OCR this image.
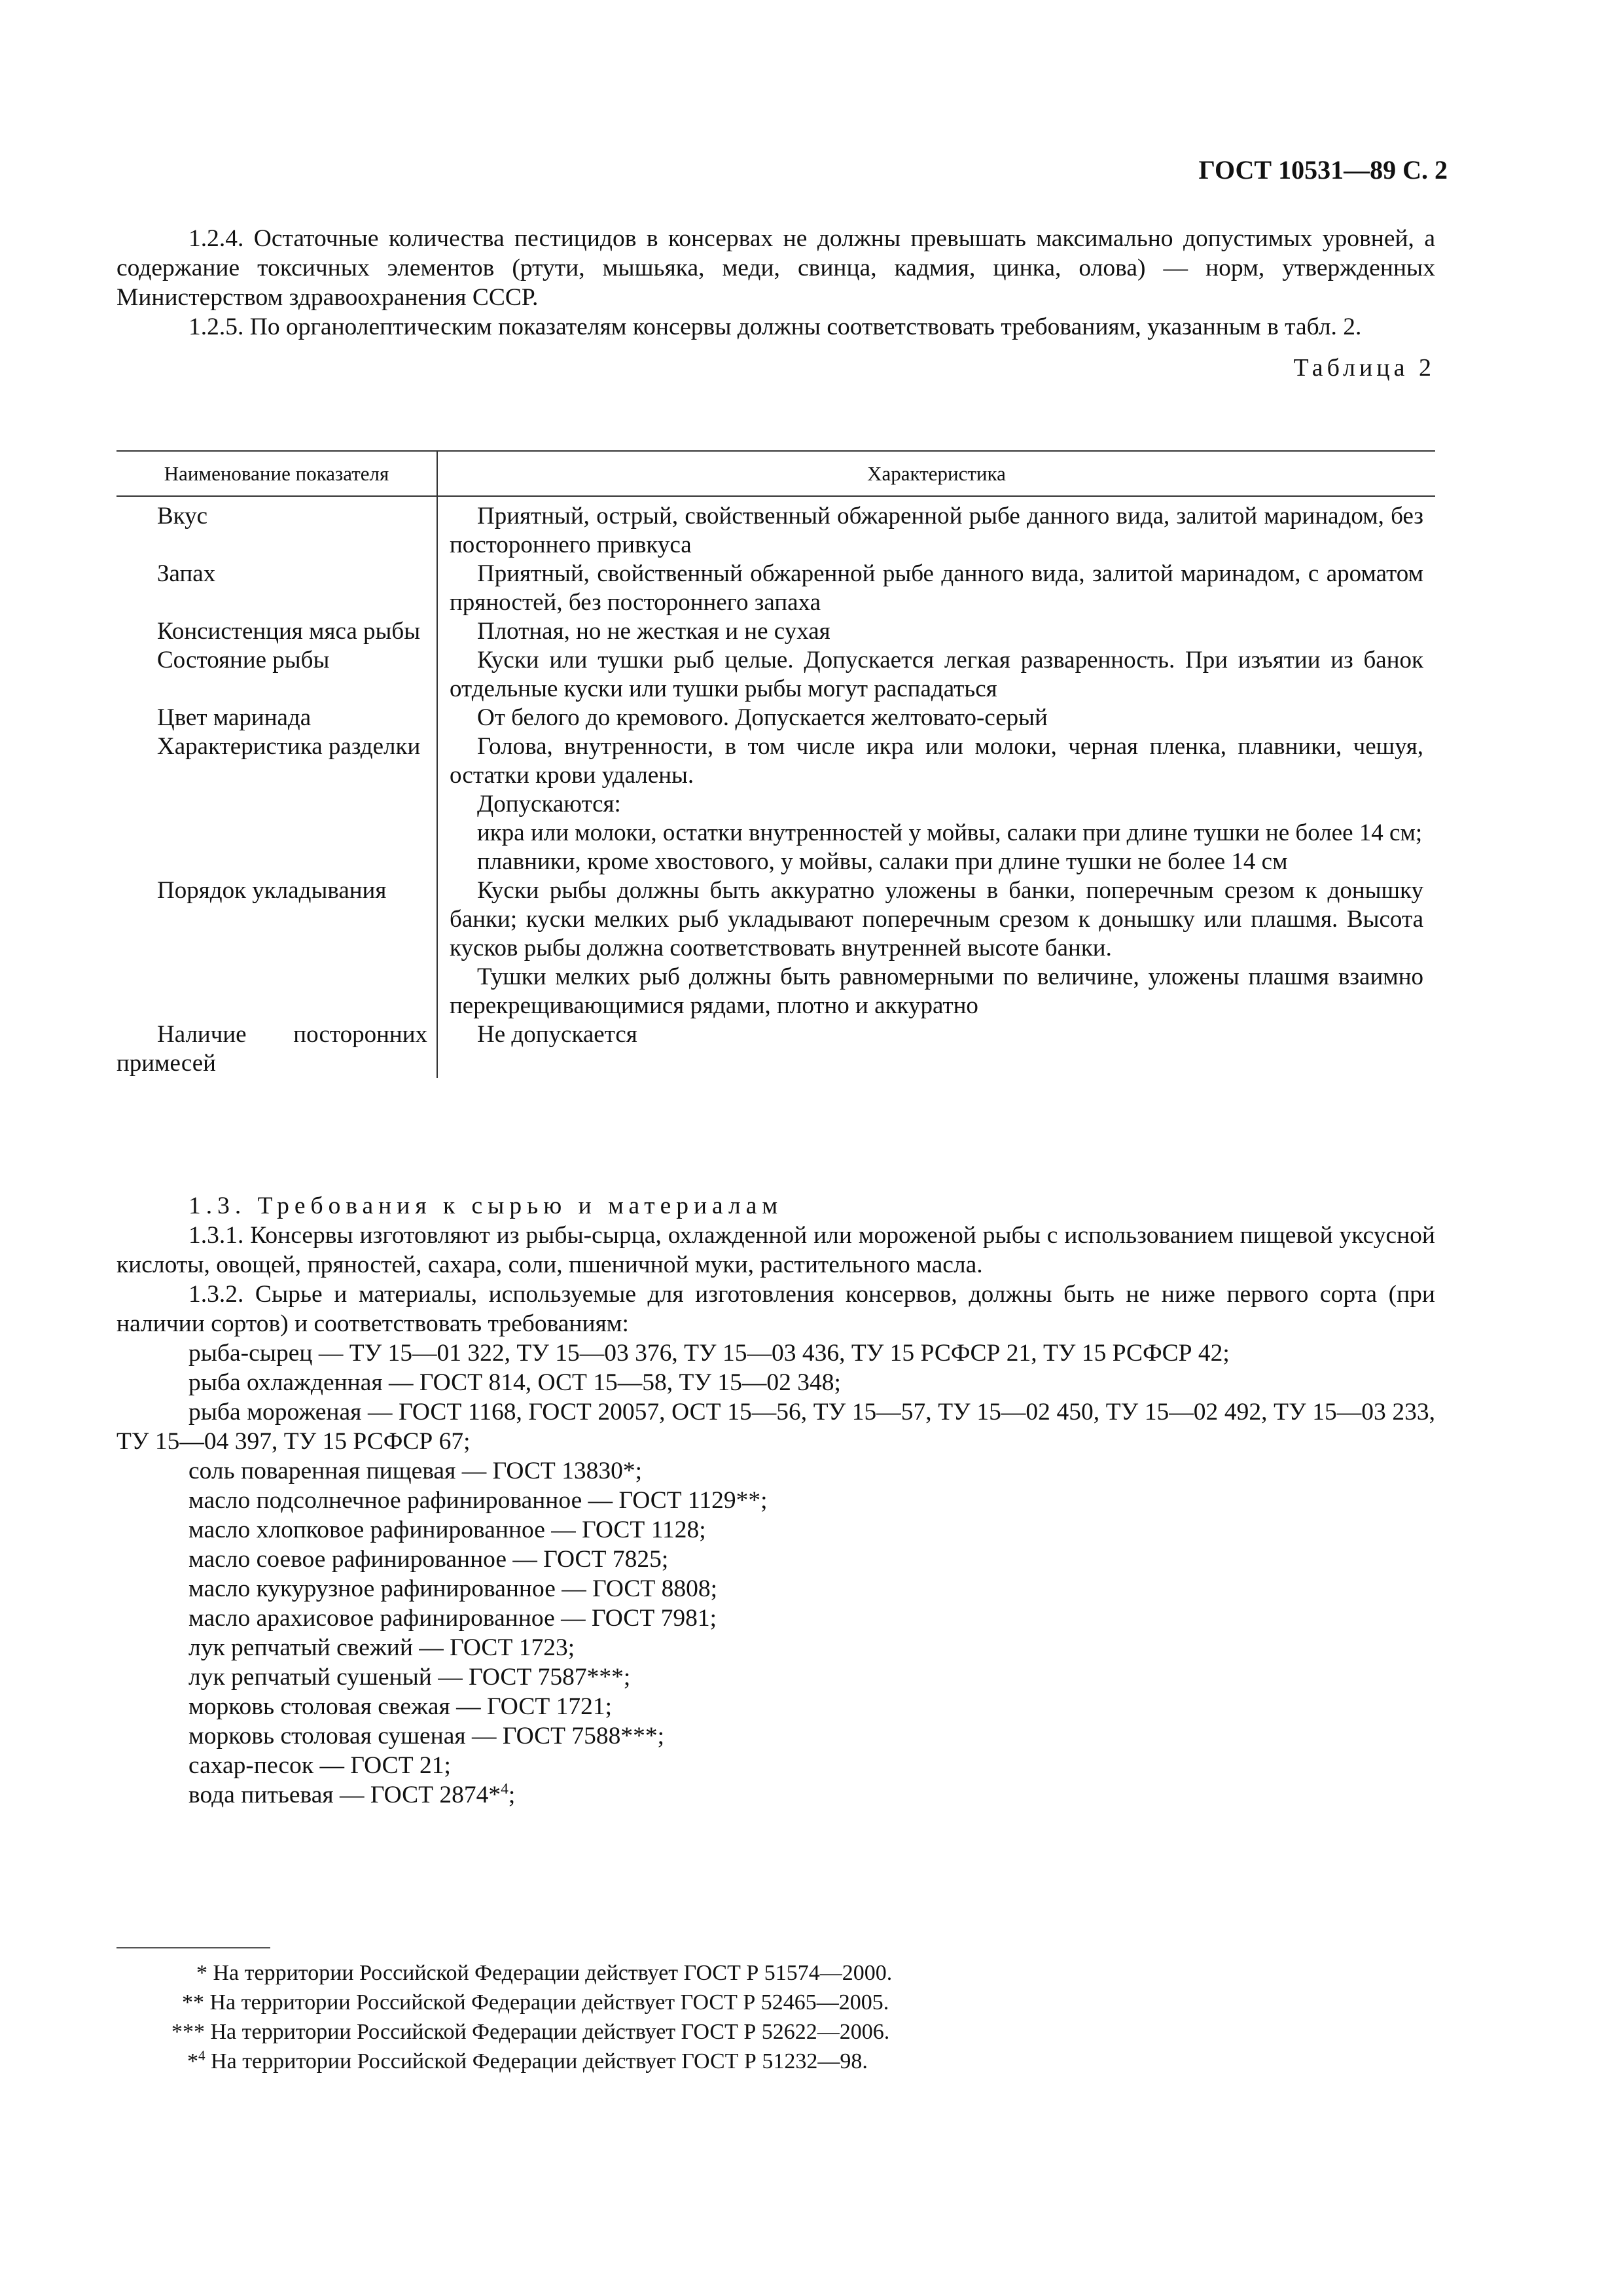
ГОСТ 10531—89 С. 2

1.2.4. Остаточные количества пестицидов в консервах не должны превышать максимально допустимых уровней, а содержание токсичных элементов (ртути, мышьяка, меди, свинца, кадмия, цинка, олова) — норм, утвержденных Министерством здравоохранения СССР.

1.2.5. По органолептическим показателям консервы должны соответствовать требованиям, указанным в табл. 2.

Таблица 2
Наименование показателя	Характеристика

Вкус	Приятный, острый, свойственный обжаренной рыбе данного вида, залитой маринадом, без постороннего привкуса

Запах	Приятный, свойственный обжаренной рыбе данного вида, залитой маринадом, с ароматом пряностей, без постороннего запаха

Консистенция мяса рыбы	Плотная, но не жесткая и не сухая

Состояние рыбы	Куски или тушки рыб целые. Допускается легкая разваренность. При изъятии из банок отдельные куски или тушки рыбы могут распадаться

Цвет маринада	От белого до кремового. Допускается желтовато-серый

Характеристика разделки	Голова, внутренности, в том числе икра или молоки, черная пленка, плавники, чешуя, остатки крови удалены.

Допускаются:

икра или молоки, остатки внутренностей у мойвы, салаки при длине тушки не более 14 см;

плавники, кроме хвостового, у мойвы, салаки при длине тушки не более 14 см

Порядок укладывания	Куски рыбы должны быть аккуратно уложены в банки, поперечным срезом к донышку банки; куски мелких рыб укладывают поперечным срезом к донышку или плашмя. Высота кусков рыбы должна соответствовать внутренней высоте банки.

Тушки мелких рыб должны быть равномерными по величине, уложены плашмя взаимно перекрещивающимися рядами, плотно и аккуратно

Наличие посторонних примесей	Не допускается

1.3. Требования к сырью и материалам

1.3.1. Консервы изготовляют из рыбы-сырца, охлажденной или мороженой рыбы с использованием пищевой уксусной кислоты, овощей, пряностей, сахара, соли, пшеничной муки, растительного масла.

1.3.2. Сырье и материалы, используемые для изготовления консервов, должны быть не ниже первого сорта (при наличии сортов) и соответствовать требованиям:

рыба-сырец — ТУ 15—01 322, ТУ 15—03 376, ТУ 15—03 436, ТУ 15 РСФСР 21, ТУ 15 РСФСР 42;

рыба охлажденная — ГОСТ 814, ОСТ 15—58, ТУ 15—02 348;

рыба мороженая — ГОСТ 1168, ГОСТ 20057, ОСТ 15—56, ТУ 15—57, ТУ 15—02 450, ТУ 15—02 492, ТУ 15—03 233, ТУ 15—04 397, ТУ 15 РСФСР 67;

соль поваренная пищевая — ГОСТ 13830*;

масло подсолнечное рафинированное — ГОСТ 1129**;

масло хлопковое рафинированное — ГОСТ 1128;

масло соевое рафинированное — ГОСТ 7825;

масло кукурузное рафинированное — ГОСТ 8808;

масло арахисовое рафинированное — ГОСТ 7981;

лук репчатый свежий — ГОСТ 1723;

лук репчатый сушеный — ГОСТ 7587***;

морковь столовая свежая — ГОСТ 1721;

морковь столовая сушеная — ГОСТ 7588***;

сахар-песок — ГОСТ 21;

вода питьевая — ГОСТ 2874*$^4$;

* На территории Российской Федерации действует ГОСТ Р 51574—2000.

** На территории Российской Федерации действует ГОСТ Р 52465—2005.

*** На территории Российской Федерации действует ГОСТ Р 52622—2006.

*$^4$ На территории Российской Федерации действует ГОСТ Р 51232—98.
